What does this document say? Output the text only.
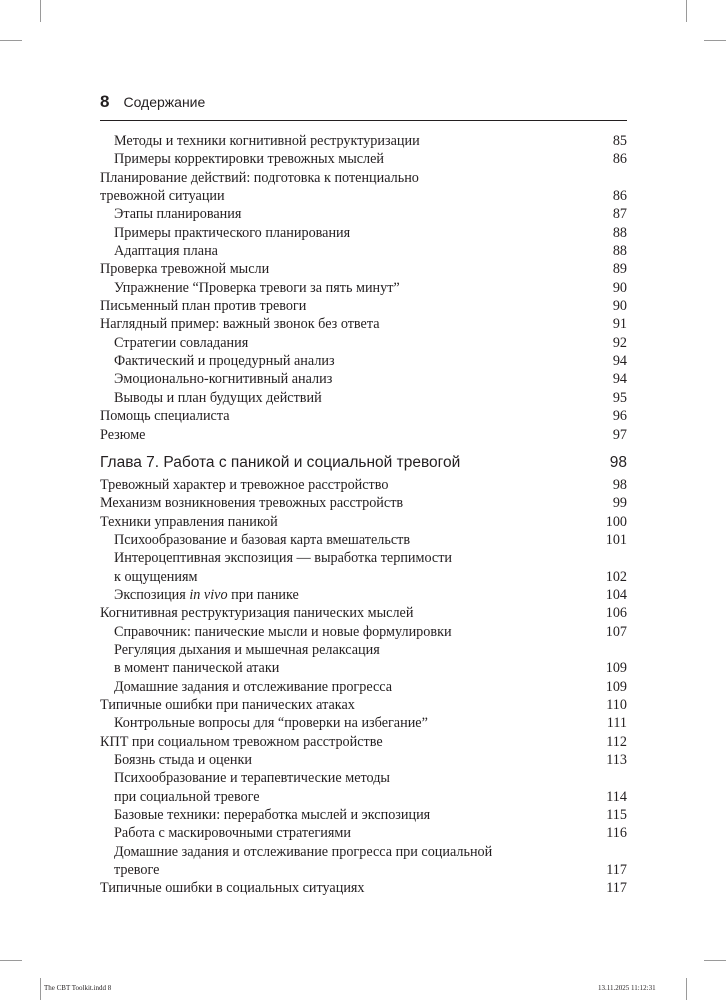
8 Содержание
Методы и техники когнитивной реструктуризации	85
Примеры корректировки тревожных мыслей	86
Планирование действий: подготовка к потенциально
тревожной ситуации	86
Этапы планирования	87
Примеры практического планирования	88
Адаптация плана	88
Проверка тревожной мысли	89
Упражнение “Проверка тревоги за пять минут”	90
Письменный план против тревоги	90
Наглядный пример: важный звонок без ответа	91
Стратегии совладания	92
Фактический и процедурный анализ	94
Эмоционально-когнитивный анализ	94
Выводы и план будущих действий	95
Помощь специалиста	96
Резюме	97
Глава 7. Работа с паникой и социальной тревогой	98
Тревожный характер и тревожное расстройство	98
Механизм возникновения тревожных расстройств	99
Техники управления паникой	100
Психообразование и базовая карта вмешательств	101
Интероцептивная экспозиция — выработка терпимости
к ощущениям	102
Экспозиция in vivo при панике	104
Когнитивная реструктуризация панических мыслей	106
Справочник: панические мысли и новые формулировки	107
Регуляция дыхания и мышечная релаксация
в момент панической атаки	109
Домашние задания и отслеживание прогресса	109
Типичные ошибки при панических атаках	110
Контрольные вопросы для “проверки на избегание”	111
КПТ при социальном тревожном расстройстве	112
Боязнь стыда и оценки	113
Психообразование и терапевтические методы
при социальной тревоге	114
Базовые техники: переработка мыслей и экспозиция	115
Работа с маскировочными стратегиями	116
Домашние задания и отслеживание прогресса при социальной
тревоге	117
Типичные ошибки в социальных ситуациях	117
The CBT Toolkit.indd 8	13.11.2025 11:12:31
